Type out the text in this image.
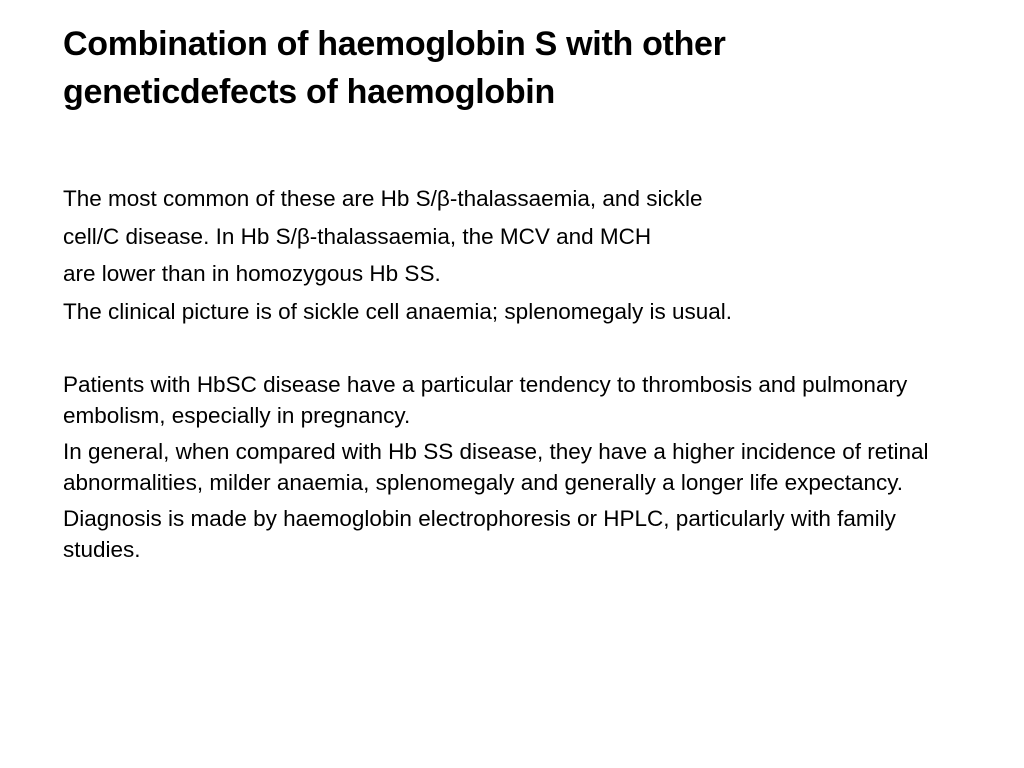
Combination of haemoglobin S with other
geneticdefects of haemoglobin
The most common of these are Hb S/β-thalassaemia, and sickle
cell/C disease. In Hb S/β-thalassaemia, the MCV and MCH
are lower than in homozygous Hb SS.
The clinical picture is of sickle cell anaemia; splenomegaly is usual.

Patients with HbSC disease have a particular tendency to thrombosis and pulmonary embolism, especially in pregnancy.

In general, when compared with Hb SS disease, they have a higher incidence of retinal abnormalities, milder anaemia, splenomegaly and generally a longer life expectancy.

Diagnosis is made by haemoglobin electrophoresis or HPLC, particularly with family studies.
